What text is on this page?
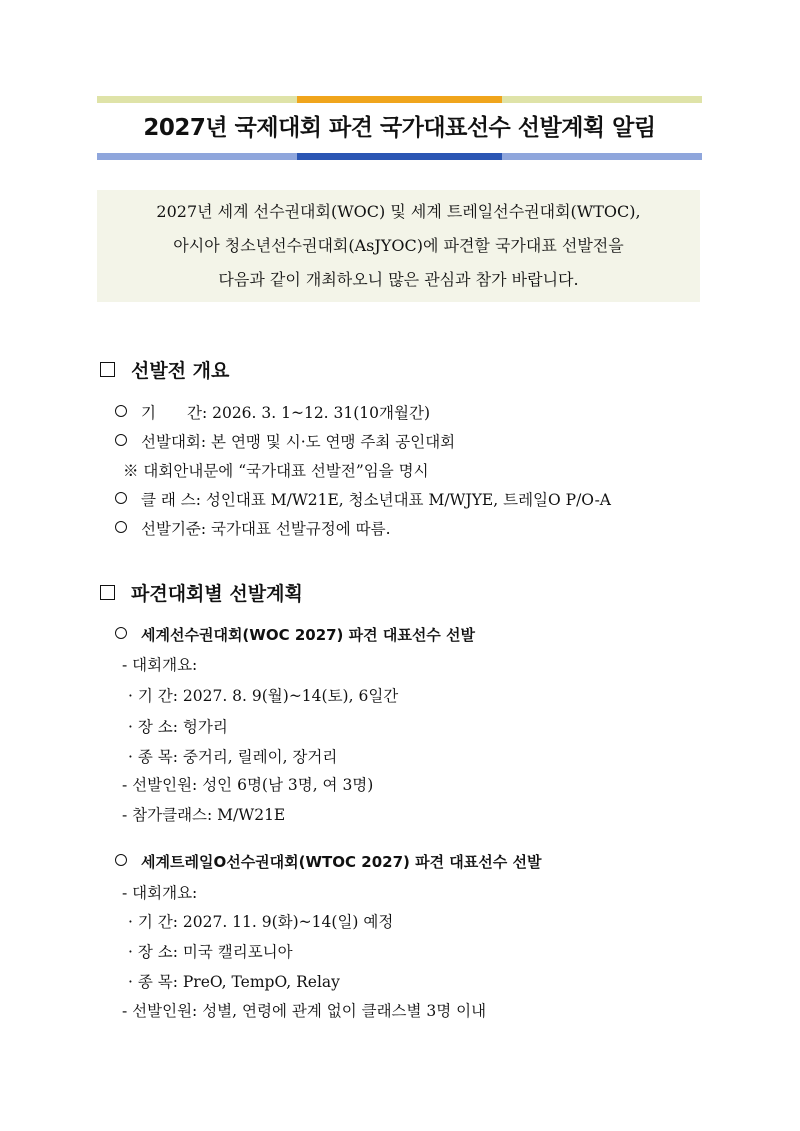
2027년 국제대회 파견 국가대표선수 선발계획 알림
2027년 세계 선수권대회(WOC) 및 세계 트레일선수권대회(WTOC),
아시아 청소년선수권대회(AsJYOC)에 파견할 국가대표 선발전을
다음과 같이 개최하오니 많은 관심과 참가 바랍니다.
선발전 개요
기　　간: 2026. 3. 1~12. 31(10개월간)
선발대회: 본 연맹 및 시·도 연맹 주최 공인대회
※ 대회안내문에 “국가대표 선발전”임을 명시
클 래 스: 성인대표 M/W21E, 청소년대표 M/WJYE, 트레일O P/O-A
선발기준: 국가대표 선발규정에 따름.
파견대회별 선발계획
세계선수권대회(WOC 2027) 파견 대표선수 선발
- 대회개요:
· 기 간: 2027. 8. 9(월)~14(토), 6일간
· 장 소: 헝가리
· 종 목: 중거리, 릴레이, 장거리
- 선발인원: 성인 6명(남 3명, 여 3명)
- 참가클래스: M/W21E
세계트레일O선수권대회(WTOC 2027) 파견 대표선수 선발
- 대회개요:
· 기 간: 2027. 11. 9(화)~14(일) 예정
· 장 소: 미국 캘리포니아
· 종 목: PreO, TempO, Relay
- 선발인원: 성별, 연령에 관계 없이 클래스별 3명 이내
